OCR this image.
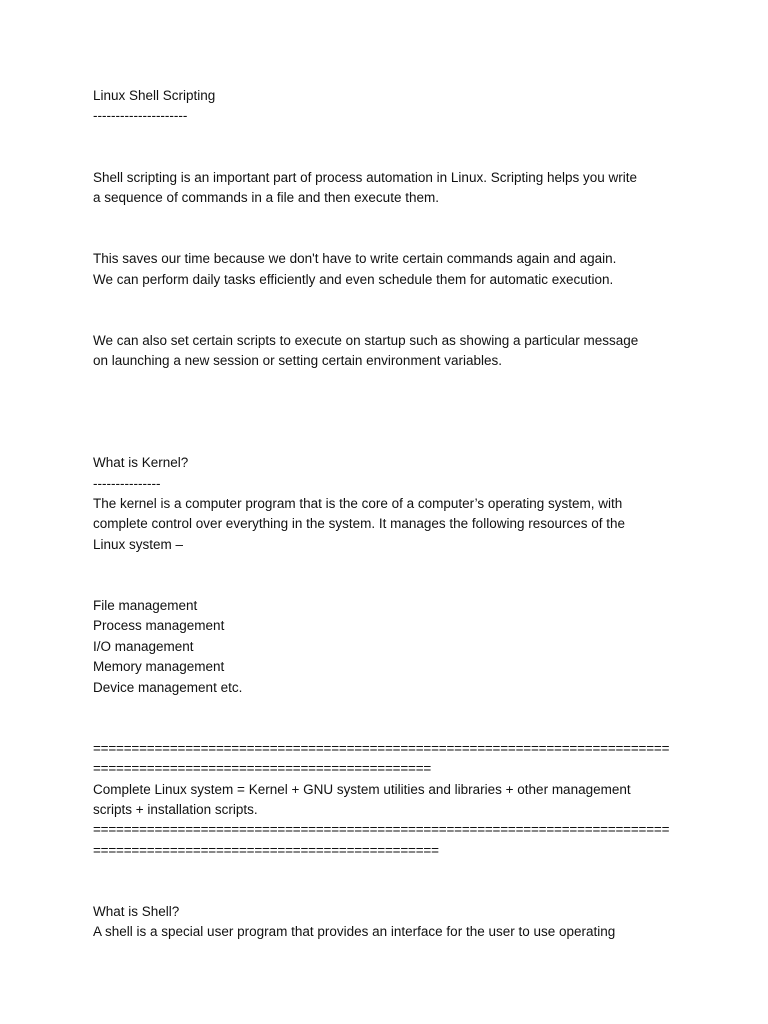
Linux Shell Scripting
---------------------
Shell scripting is an important part of process automation in Linux. Scripting helps you write
a sequence of commands in a file and then execute them.
This saves our time because we don't have to write certain commands again and again.
We can perform daily tasks efficiently and even schedule them for automatic execution.
We can also set certain scripts to execute on startup such as showing a particular message
on launching a new session or setting certain environment variables.
What is Kernel?
---------------
The kernel is a computer program that is the core of a computer’s operating system, with
complete control over everything in the system. It manages the following resources of the
Linux system –
File management
Process management
I/O management
Memory management
Device management etc.
===========================================================================
============================================
Complete Linux system = Kernel + GNU system utilities and libraries + other management
scripts + installation scripts.
===========================================================================
=============================================
What is Shell?
A shell is a special user program that provides an interface for the user to use operating
